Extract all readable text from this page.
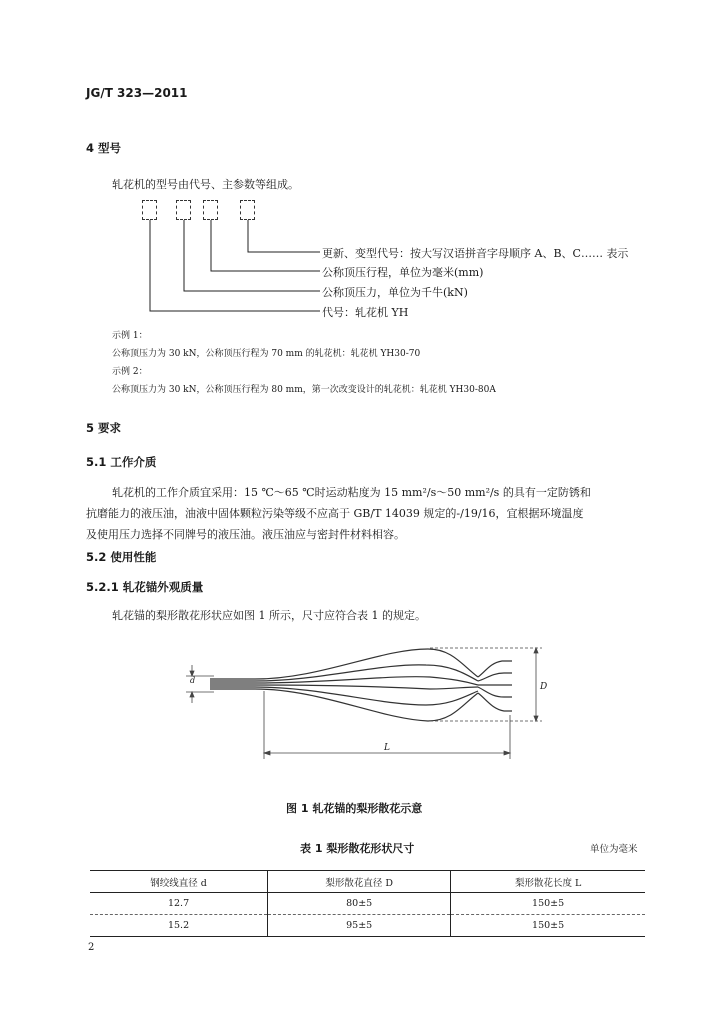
JG/T 323—2011
4 型号
轧花机的型号由代号、主参数等组成。
更新、变型代号：按大写汉语拼音字母顺序 A、B、C…… 表示
公称顶压行程，单位为毫米(mm)
公称顶压力，单位为千牛(kN)
代号：轧花机 YH
示例 1：
公称顶压力为 30 kN，公称顶压行程为 70 mm 的轧花机：轧花机 YH30-70
示例 2：
公称顶压力为 30 kN，公称顶压行程为 80 mm，第一次改变设计的轧花机：轧花机 YH30-80A
5 要求
5.1 工作介质
轧花机的工作介质宜采用：15 ℃～65 ℃时运动粘度为 15 mm²/s～50 mm²/s 的具有一定防锈和
抗磨能力的液压油，油液中固体颗粒污染等级不应高于 GB/T 14039 规定的-/19/16，宜根据环境温度
及使用压力选择不同牌号的液压油。液压油应与密封件材料相容。
5.2 使用性能
5.2.1 轧花锚外观质量
轧花锚的梨形散花形状应如图 1 所示，尺寸应符合表 1 的规定。
d
D
L
图 1 轧花锚的梨形散花示意
表 1 梨形散花形状尺寸	单位为毫米
钢绞线直径 d	梨形散花直径 D	梨形散花长度 L
12.7	80±5	150±5
15.2	95±5	150±5
2
